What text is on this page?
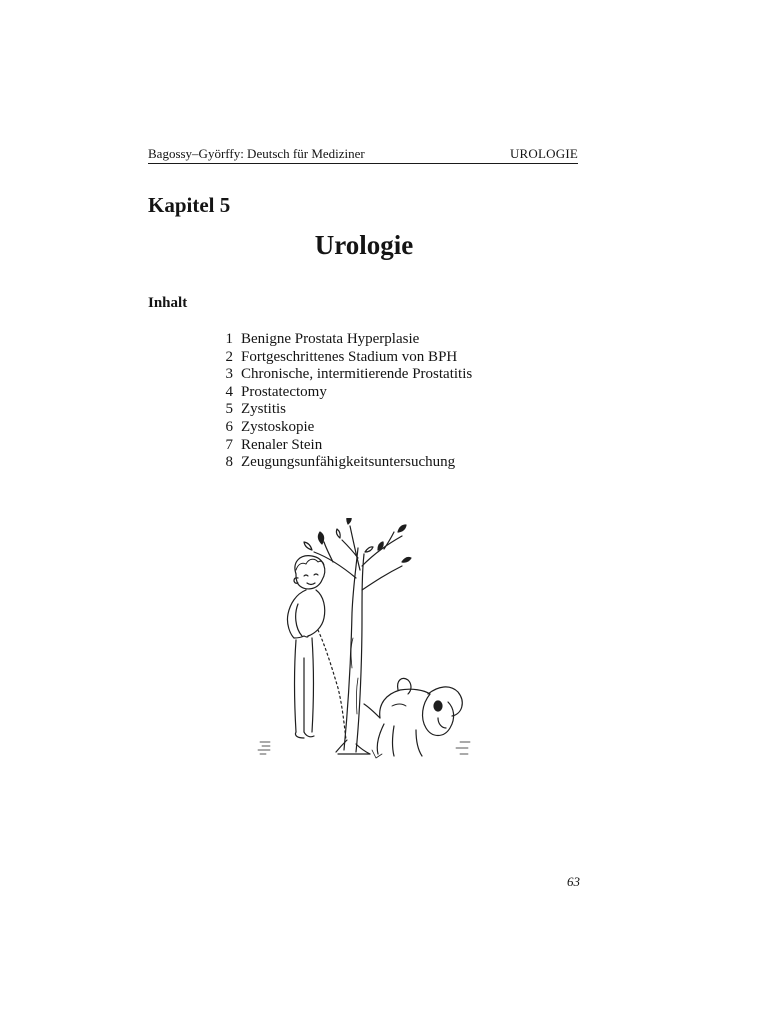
Bagossy–Györffy: Deutsch für Mediziner	UROLOGIE
Kapitel 5
Urologie
Inhalt
1 Benigne Prostata Hyperplasie
2 Fortgeschrittenes Stadium von BPH
3 Chronische, intermitierende Prostatitis
4 Prostatectomy
5 Zystitis
6 Zystoskopie
7 Renaler Stein
8 Zeugungsunfähigkeitsuntersuchung
63
